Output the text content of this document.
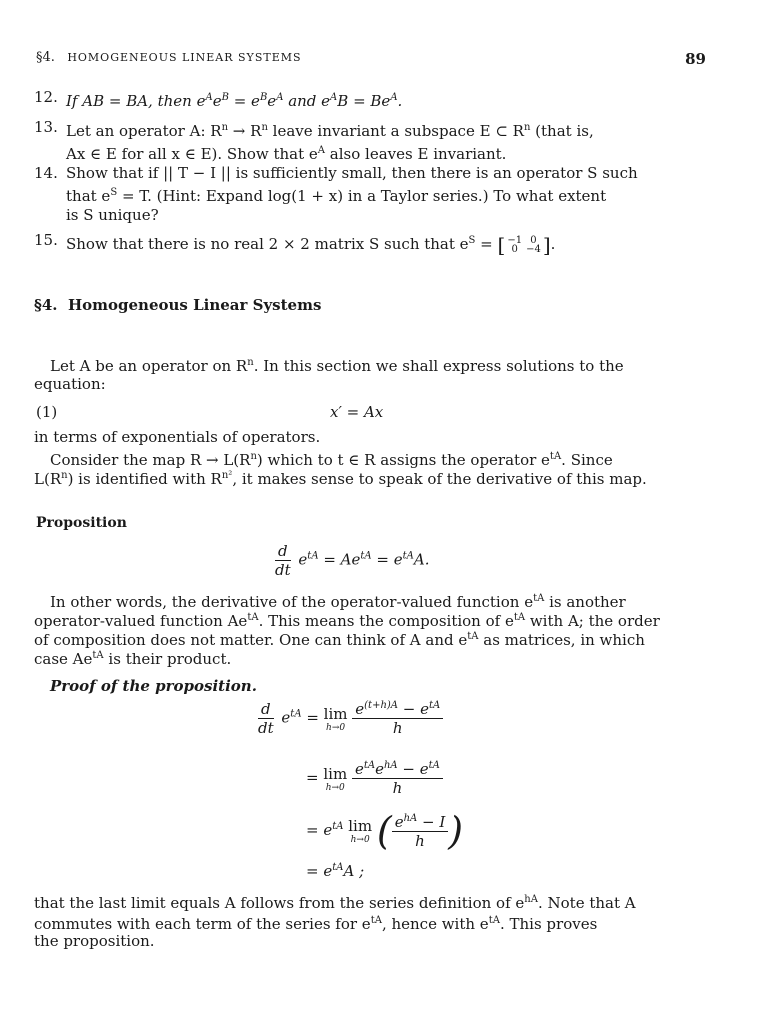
§4. HOMOGENEOUS LINEAR SYSTEMS	89
12. If AB = BA, then $e^Ae^B = e^Be^A$ and $e^AB = Be^A$.
13. Let an operator A: $R^n \to R^n$ leave invariant a subspace E ⊂ $R^n$ (that is,
Ax ∈ E for all x ∈ E). Show that $e^A$ also leaves E invariant.
14. Show that if || T − I || is sufficiently small, then there is an operator S such
that $e^S = T$. (Hint: Expand log(1 + x) in a Taylor series.) To what extent
is S unique?
15. Show that there is no real 2 × 2 matrix S such that $e^S$ = [ −1
0
0
−4 ] .
§4. Homogeneous Linear Systems
Let A be an operator on $R^n$. In this section we shall express solutions to the
equation:
(1)	x′ = Ax
in terms of exponentials of operators.
Consider the map $R \to L(R^n)$ which to t ∈ R assigns the operator $e^{tA}$. Since
$L(R^n)$ is identified with $R^{n^2}$, it makes sense to speak of the derivative of this map.
Proposition
$\frac{d}{dt} e^{tA} = Ae^{tA} = e^{tA}A$.
In other words, the derivative of the operator-valued function $e^{tA}$ is another

operator-valued function $Ae^{tA}$. This means the composition of $e^{tA}$ with A; the order
of composition does not matter. One can think of A and $e^{tA}$ as matrices, in which
case $Ae^{tA}$ is their product.
Proof of the proposition.
$\frac{d}{dt} e^{tA} = \lim$
h→0
$\frac{e^{(t+h)A} - e^{tA}}{h}$
= lim
h→0
$\frac{e^{tA}e^{hA} - e^{tA}}{h}$
= $e^{tA}$ lim
h→0 ( $\frac{e^{hA} - I}{h}$ )
= $e^{tA}A$ ;
that the last limit equals A follows from the series definition of $e^{hA}$. Note that A
commutes with each term of the series for $e^{tA}$, hence with $e^{tA}$. This proves
the proposition.
